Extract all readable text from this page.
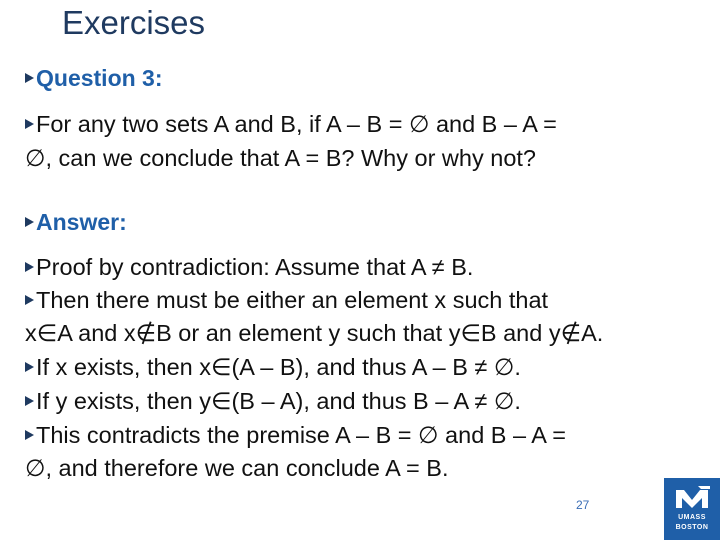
Exercises
Question 3:
For any two sets A and B, if A – B = ∅ and B – A =
∅, can we conclude that A = B? Why or why not?
Answer:
Proof by contradiction: Assume that A ≠ B.
Then there must be either an element x such that
x∈A and x∉B or an element y such that y∈B and y∉A.
If x exists, then x∈(A – B), and thus A – B ≠ ∅.
If y exists, then y∈(B – A), and thus B – A ≠ ∅.
This contradicts the premise A – B = ∅ and B – A =
∅, and therefore we can conclude A = B.
27
UMASS
BOSTON
